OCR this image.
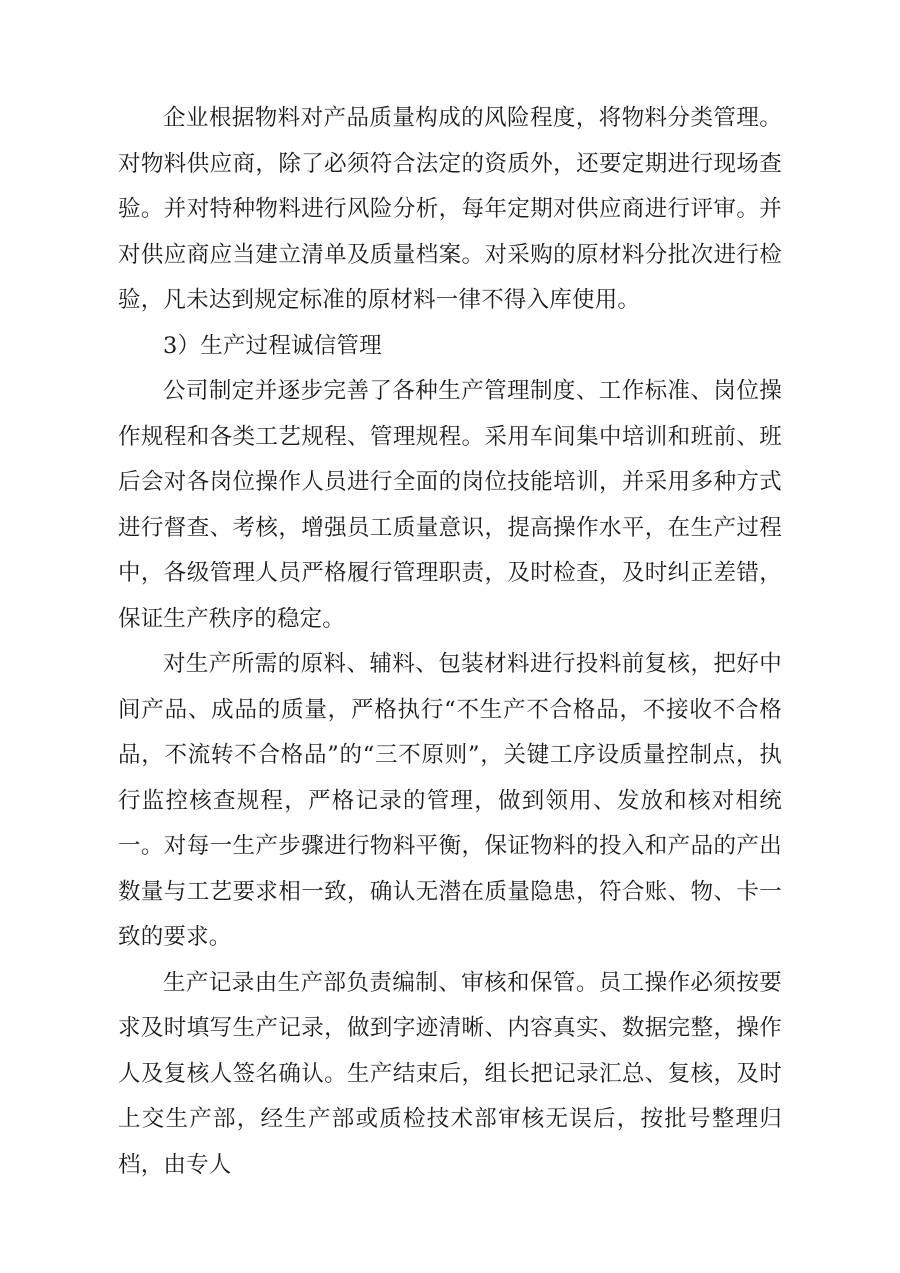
企业根据物料对产品质量构成的风险程度，将物料分类管理。对物料供应商，除了必须符合法定的资质外，还要定期进行现场查验。并对特种物料进行风险分析，每年定期对供应商进行评审。并对供应商应当建立清单及质量档案。对采购的原材料分批次进行检验，凡未达到规定标准的原材料一律不得入库使用。

3）生产过程诚信管理

公司制定并逐步完善了各种生产管理制度、工作标准、岗位操作规程和各类工艺规程、管理规程。采用车间集中培训和班前、班后会对各岗位操作人员进行全面的岗位技能培训，并采用多种方式进行督查、考核，增强员工质量意识，提高操作水平，在生产过程中，各级管理人员严格履行管理职责，及时检查，及时纠正差错，保证生产秩序的稳定。

对生产所需的原料、辅料、包装材料进行投料前复核，把好中间产品、成品的质量，严格执行“不生产不合格品，不接收不合格品，不流转不合格品”的“三不原则”，关键工序设质量控制点，执行监控核查规程，严格记录的管理，做到领用、发放和核对相统一。对每一生产步骤进行物料平衡，保证物料的投入和产品的产出数量与工艺要求相一致，确认无潜在质量隐患，符合账、物、卡一致的要求。

生产记录由生产部负责编制、审核和保管。员工操作必须按要求及时填写生产记录，做到字迹清晰、内容真实、数据完整，操作人及复核人签名确认。生产结束后，组长把记录汇总、复核，及时上交生产部，经生产部或质检技术部审核无误后，按批号整理归档，由专人
